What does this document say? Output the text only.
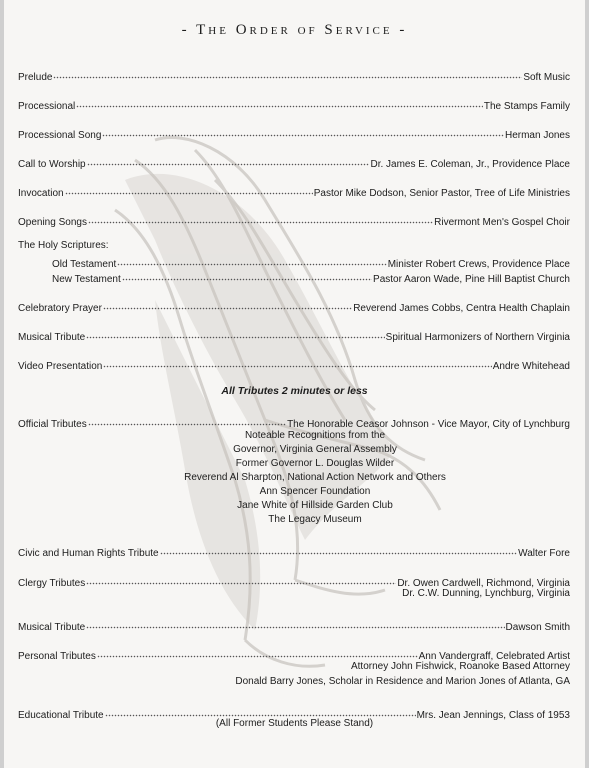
- The Order of Service -
Prelude	Soft Music
Processional	The Stamps Family
Processional Song	Herman Jones
Call to Worship	Dr. James E. Coleman, Jr., Providence Place
Invocation	Pastor Mike Dodson, Senior Pastor, Tree of Life Ministries
Opening Songs	Rivermont Men's Gospel Choir
The Holy Scriptures:
Old Testament	Minister Robert Crews, Providence Place
New Testament	Pastor Aaron Wade, Pine Hill Baptist Church
Celebratory Prayer	Reverend James Cobbs, Centra Health Chaplain
Musical Tribute	Spiritual Harmonizers of Northern Virginia
Video Presentation	Andre Whitehead
All Tributes 2 minutes or less
Official Tributes	The Honorable Ceasor Johnson - Vice Mayor, City of Lynchburg
Noteable Recognitions from the
Governor, Virginia General Assembly
Former Governor L. Douglas Wilder
Reverend Al Sharpton, National Action Network and Others
Ann Spencer Foundation
Jane White of Hillside Garden Club
The Legacy Museum
Civic and Human Rights Tribute	Walter Fore
Clergy Tributes	Dr. Owen Cardwell, Richmond, Virginia
Dr. C.W. Dunning, Lynchburg, Virginia
Musical Tribute	Dawson Smith
Personal Tributes	Ann Vandergraff, Celebrated Artist
Attorney John Fishwick, Roanoke Based Attorney
Donald Barry Jones, Scholar in Residence and Marion Jones of Atlanta, GA
Educational Tribute	Mrs. Jean Jennings, Class of 1953
(All Former Students Please Stand)
